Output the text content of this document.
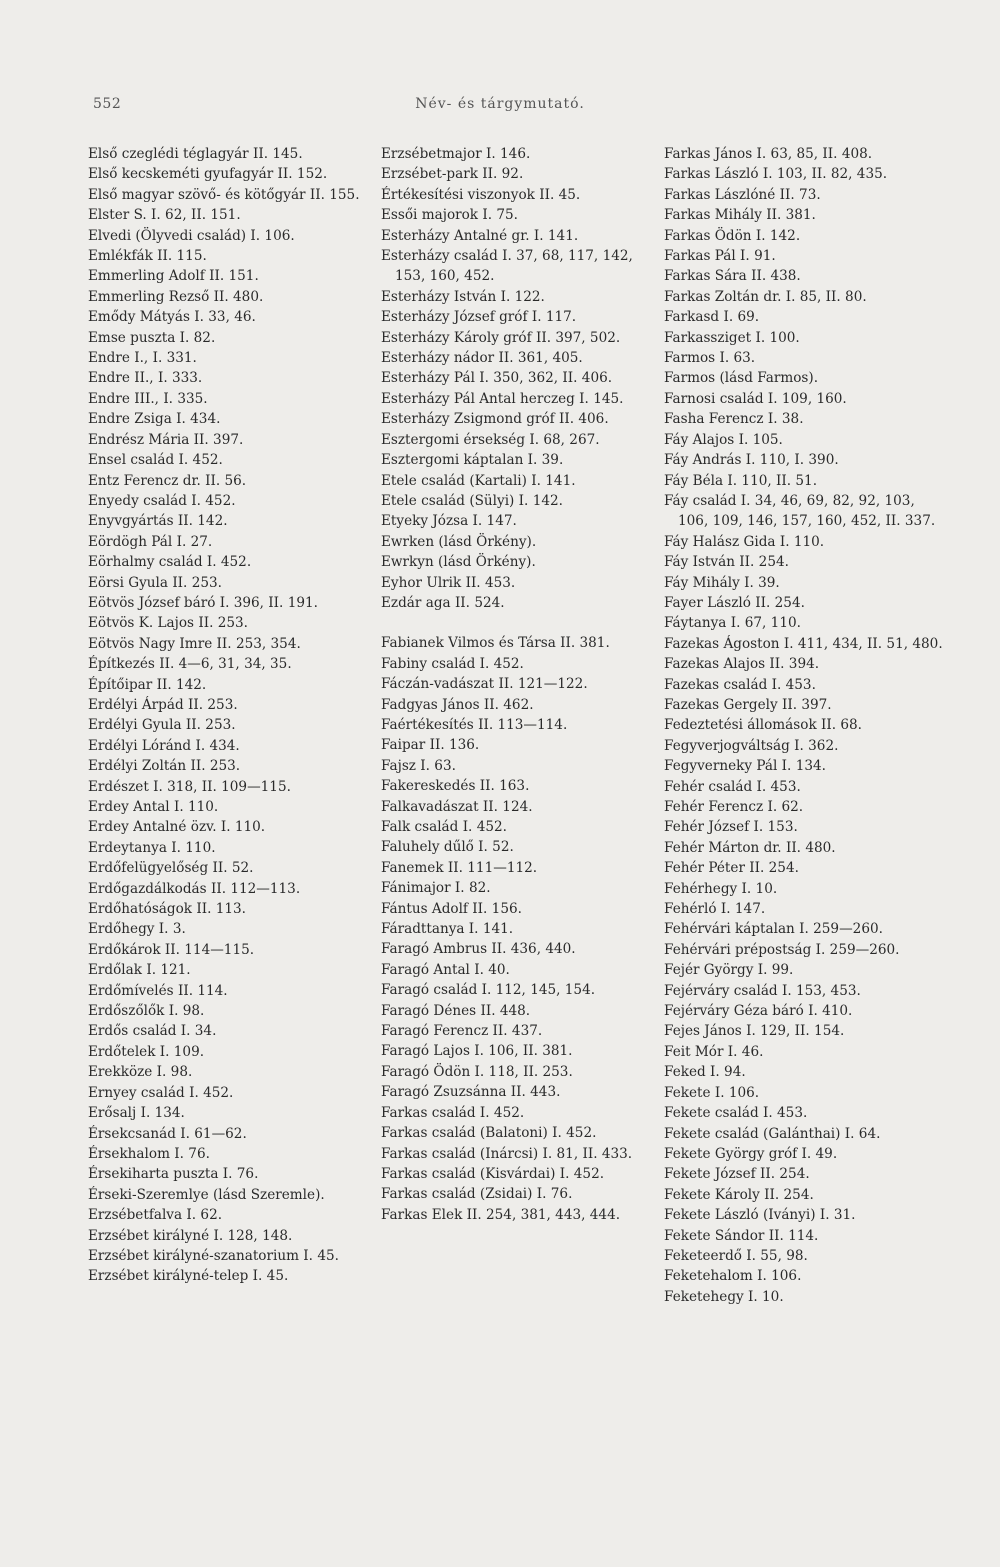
552	Név- és tárgymutató.

Első czeglédi téglagyár II. 145.

Első kecskeméti gyufagyár II. 152.

Első magyar szövő- és kötőgyár II. 155.

Elster S. I. 62, II. 151.

Elvedi (Ölyvedi család) I. 106.

Emlékfák II. 115.

Emmerling Adolf II. 151.

Emmerling Rezső II. 480.

Emődy Mátyás I. 33, 46.

Emse puszta I. 82.

Endre I., I. 331.

Endre II., I. 333.

Endre III., I. 335.

Endre Zsiga I. 434.

Endrész Mária II. 397.

Ensel család I. 452.

Entz Ferencz dr. II. 56.

Enyedy család I. 452.

Enyvgyártás II. 142.

Eördögh Pál I. 27.

Eörhalmy család I. 452.

Eörsi Gyula II. 253.

Eötvös József báró I. 396, II. 191.

Eötvös K. Lajos II. 253.

Eötvös Nagy Imre II. 253, 354.

Építkezés II. 4—6, 31, 34, 35.

Építőipar II. 142.

Erdélyi Árpád II. 253.

Erdélyi Gyula II. 253.

Erdélyi Lóránd I. 434.

Erdélyi Zoltán II. 253.

Erdészet I. 318, II. 109—115.

Erdey Antal I. 110.

Erdey Antalné özv. I. 110.

Erdeytanya I. 110.

Erdőfelügyelőség II. 52.

Erdőgazdálkodás II. 112—113.

Erdőhatóságok II. 113.

Erdőhegy I. 3.

Erdőkárok II. 114—115.

Erdőlak I. 121.

Erdőmívelés II. 114.

Erdőszőlők I. 98.

Erdős család I. 34.

Erdőtelek I. 109.

Erekköze I. 98.

Ernyey család I. 452.

Erősalj I. 134.

Érsekcsanád I. 61—62.

Érsekhalom I. 76.

Érsekiharta puszta I. 76.

Érseki-Szeremlye (lásd Szeremle).

Erzsébetfalva I. 62.

Erzsébet királyné I. 128, 148.

Erzsébet királyné-szanatorium I. 45.

Erzsébet királyné-telep I. 45.

Erzsébetmajor I. 146.

Erzsébet-park II. 92.

Értékesítési viszonyok II. 45.

Essői majorok I. 75.

Esterházy Antalné gr. I. 141.

Esterházy család I. 37, 68, 117, 142, 153, 160, 452.

Esterházy István I. 122.

Esterházy József gróf I. 117.

Esterházy Károly gróf II. 397, 502.

Esterházy nádor II. 361, 405.

Esterházy Pál I. 350, 362, II. 406.

Esterházy Pál Antal herczeg I. 145.

Esterházy Zsigmond gróf II. 406.

Esztergomi érsekség I. 68, 267.

Esztergomi káptalan I. 39.

Etele család (Kartali) I. 141.

Etele család (Sülyi) I. 142.

Etyeky Józsa I. 147.

Ewrken (lásd Örkény).

Ewrkyn (lásd Örkény).

Eyhor Ulrik II. 453.

Ezdár aga II. 524.

Fabianek Vilmos és Társa II. 381.

Fabiny család I. 452.

Fáczán-vadászat II. 121—122.

Fadgyas János II. 462.

Faértékesítés II. 113—114.

Faipar II. 136.

Fajsz I. 63.

Fakereskedés II. 163.

Falkavadászat II. 124.

Falk család I. 452.

Faluhely dűlő I. 52.

Fanemek II. 111—112.

Fánimajor I. 82.

Fántus Adolf II. 156.

Fáradttanya I. 141.

Faragó Ambrus II. 436, 440.

Faragó Antal I. 40.

Faragó család I. 112, 145, 154.

Faragó Dénes II. 448.

Faragó Ferencz II. 437.

Faragó Lajos I. 106, II. 381.

Faragó Ödön I. 118, II. 253.

Faragó Zsuzsánna II. 443.

Farkas család I. 452.

Farkas család (Balatoni) I. 452.

Farkas család (Inárcsi) I. 81, II. 433.

Farkas család (Kisvárdai) I. 452.

Farkas család (Zsidai) I. 76.

Farkas Elek II. 254, 381, 443, 444.

Farkas János I. 63, 85, II. 408.

Farkas László I. 103, II. 82, 435.

Farkas Lászlóné II. 73.

Farkas Mihály II. 381.

Farkas Ödön I. 142.

Farkas Pál I. 91.

Farkas Sára II. 438.

Farkas Zoltán dr. I. 85, II. 80.

Farkasd I. 69.

Farkassziget I. 100.

Farmos I. 63.

Farmos (lásd Farmos).

Farnosi család I. 109, 160.

Fasha Ferencz I. 38.

Fáy Alajos I. 105.

Fáy András I. 110, I. 390.

Fáy Béla I. 110, II. 51.

Fáy család I. 34, 46, 69, 82, 92, 103, 106, 109, 146, 157, 160, 452, II. 337.

Fáy Halász Gida I. 110.

Fáy István II. 254.

Fáy Mihály I. 39.

Fayer László II. 254.

Fáytanya I. 67, 110.

Fazekas Ágoston I. 411, 434, II. 51, 480.

Fazekas Alajos II. 394.

Fazekas család I. 453.

Fazekas Gergely II. 397.

Fedeztetési állomások II. 68.

Fegyverjogváltság I. 362.

Fegyverneky Pál I. 134.

Fehér család I. 453.

Fehér Ferencz I. 62.

Fehér József I. 153.

Fehér Márton dr. II. 480.

Fehér Péter II. 254.

Fehérhegy I. 10.

Fehérló I. 147.

Fehérvári káptalan I. 259—260.

Fehérvári prépostság I. 259—260.

Fejér György I. 99.

Fejérváry család I. 153, 453.

Fejérváry Géza báró I. 410.

Fejes János I. 129, II. 154.

Feit Mór I. 46.

Feked I. 94.

Fekete I. 106.

Fekete család I. 453.

Fekete család (Galánthai) I. 64.

Fekete György gróf I. 49.

Fekete József II. 254.

Fekete Károly II. 254.

Fekete László (Iványi) I. 31.

Fekete Sándor II. 114.

Feketeerdő I. 55, 98.

Feketehalom I. 106.

Feketehegy I. 10.
